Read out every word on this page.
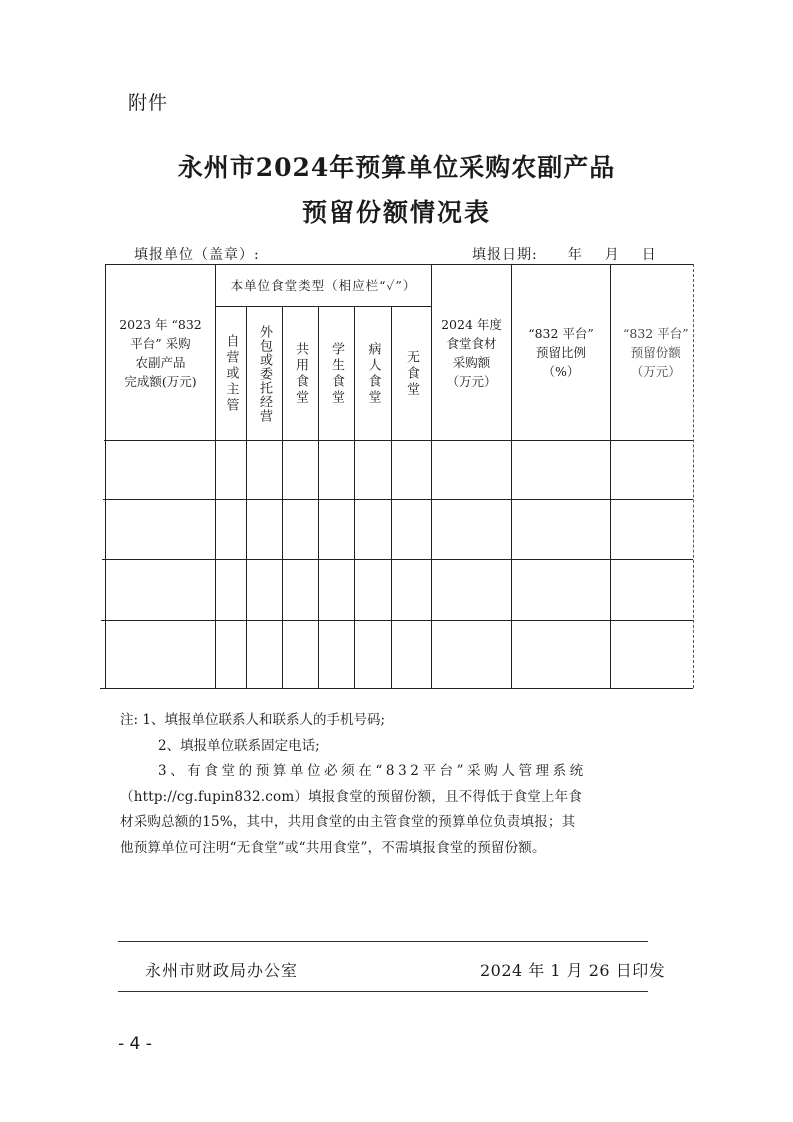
附件
永州市2024年预算单位采购农副产品
预留份额情况表
填报单位（盖章）:	填报日期: 年 月 日
2023 年 “832
平台” 采购
农副产品
完成额(万元)
本单位食堂类型（相应栏“✓”）
自营或主管 外包或委托经营 共用食堂 学生食堂 病人食堂 无食堂
2024 年度
食堂食材
采购额
（万元）
“832 平台”
预留比例
（%）
“832 平台”
预留份额
（万元）

注: 1、填报单位联系人和联系人的手机号码;

2、填报单位联系固定电话;

3、有食堂的预算单位必须在“832平台”采购人管理系统

（http://cg.fupin832.com）填报食堂的预留份额，且不得低于食堂上年食

材采购总额的15%，其中，共用食堂的由主管食堂的预算单位负责填报；其

他预算单位可注明“无食堂”或“共用食堂”，不需填报食堂的预留份额。

永州市财政局办公室	2024 年 1 月 26 日印发
- 4 -
